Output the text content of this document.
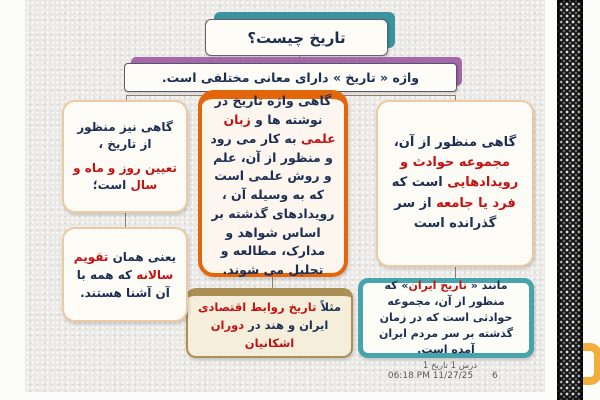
تاریخ چیست؟
واژه « تاریخ » دارای معانی مختلفی است.
گاهی منظور از آن، مجموعه حوادث و رویدادهایی است که فرد یا جامعه از سر گذرانده است
مانند « تاریخ ایران» که منظور از آن، مجموعه حوادثی است که در زمان گذشته بر سر مردم ایران آمده است.
گاهی واژه تاریخ در نوشته ها و زبان علمی به کار می رود و منظور از آن، علم و روش علمی است که به وسیله آن ، رویدادهای گذشته بر اساس شواهد و مدارک، مطالعه و تحلیل می شوند.
مثلاً تاریخ روابط اقتصادی ایران و هند در دوران اشکانیان

گاهی نیز منظور از تاریخ ،

تعیین روز و ماه و سال است؛

یعنی همان تقویم سالانه که همه با آن آشنا هستند.
درس 1 تاریخ 1
06:18 PM 11/27/25	6
